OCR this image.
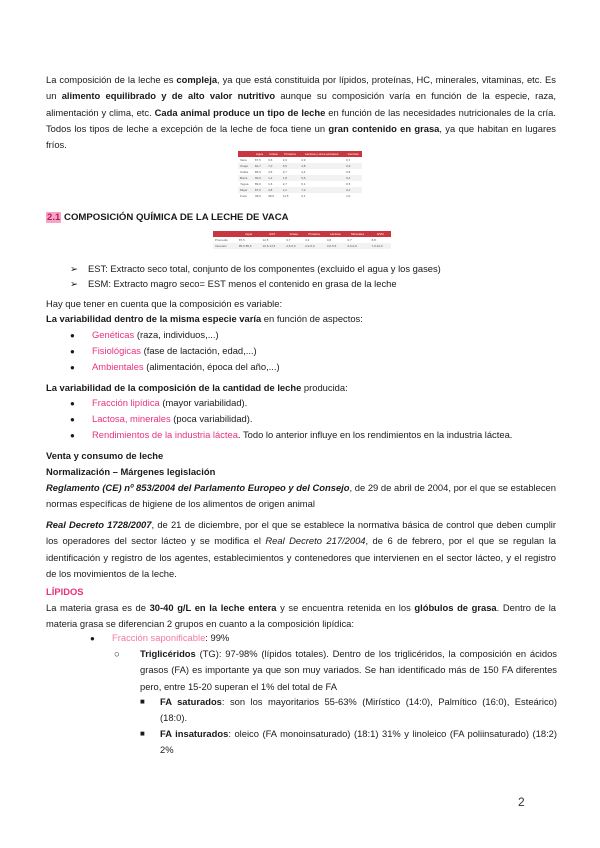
La composición de la leche es compleja, ya que está constituida por lípidos, proteínas, HC, minerales, vitaminas, etc. Es un alimento equilibrado y de alto valor nutritivo aunque su composición varía en función de la especie, raza, alimentación y clima, etc. Cada animal produce un tipo de leche en función de las necesidades nutricionales de la cría. Todos los tipos de leche a excepción de la leche de foca tiene un gran contenido en grasa, ya que habitan en lugares fríos.

	Agua	Grasa	Proteína	Lactosa y otros azúcares	Cenizas
Vaca	87,5	3,6	3,3	4,9	0,7
Oveja	82,7	7,0	5,5	4,8	0,9
Cabra	86,5	4,5	3,7	4,4	0,8
Burra	90,0	1,2	1,8	6,6	0,4
Yegua	89,0	1,6	2,7	6,1	0,5
Mujer	87,6	3,8	1,2	7,0	0,2
Foca	48,0	38,0	11,5	0,1	1,0
2.1 COMPOSICIÓN QUÍMICA DE LA LECHE DE VACA
	Agua	EST	Grasa	Proteína	Lactosa	Minerales	ESM
Promedio	87,5	12,5	3,7	3,3	4,8	0,7	8,8
Intervalo	85,5-89,5	10,5-14,5	2,5-6,0	2,9-5,0	3,6-5,5	0,6-0,9	7,9-10,0
➢ EST: Extracto seco total, conjunto de los componentes (excluido el agua y los gases)
➢ ESM: Extracto magro seco= EST menos el contenido en grasa de la leche
Hay que tener en cuenta que la composición es variable:
La variabilidad dentro de la misma especie varía en función de aspectos:
● Genéticas (raza, individuos,...)
● Fisiológicas (fase de lactación, edad,...)
● Ambientales (alimentación, época del año,...)
La variabilidad de la composición de la cantidad de leche producida:
● Fracción lipídica (mayor variabilidad).
● Lactosa, minerales (poca variabilidad).
● Rendimientos de la industria láctea. Todo lo anterior influye en los rendimientos en la industria láctea.
Venta y consumo de leche
Normalización – Márgenes legislación

Reglamento (CE) nº 853/2004 del Parlamento Europeo y del Consejo, de 29 de abril de 2004, por el que se establecen normas específicas de higiene de los alimentos de origen animal

Real Decreto 1728/2007, de 21 de diciembre, por el que se establece la normativa básica de control que deben cumplir los operadores del sector lácteo y se modifica el Real Decreto 217/2004, de 6 de febrero, por el que se regulan la identificación y registro de los agentes, establecimientos y contenedores que intervienen en el sector lácteo, y el registro de los movimientos de la leche.

LÍPIDOS

La materia grasa es de 30-40 g/L en la leche entera y se encuentra retenida en los glóbulos de grasa. Dentro de la materia grasa se diferencian 2 grupos en cuanto a la composición lipídica:

● Fracción saponificable: 99%
○ Triglicéridos (TG): 97-98% (lípidos totales). Dentro de los triglicéridos, la composición en ácidos grasos (FA) es importante ya que son muy variados. Se han identificado más de 150 FA diferentes pero, entre 15-20 superan el 1% del total de FA

■ FA saturados: son los mayoritarios 55-63% (Mirístico (14:0), Palmítico (16:0), Esteárico) (18:0).

■ FA insaturados: oleico (FA monoinsaturado) (18:1) 31% y linoleico (FA poliinsaturado) (18:2) 2%

2
